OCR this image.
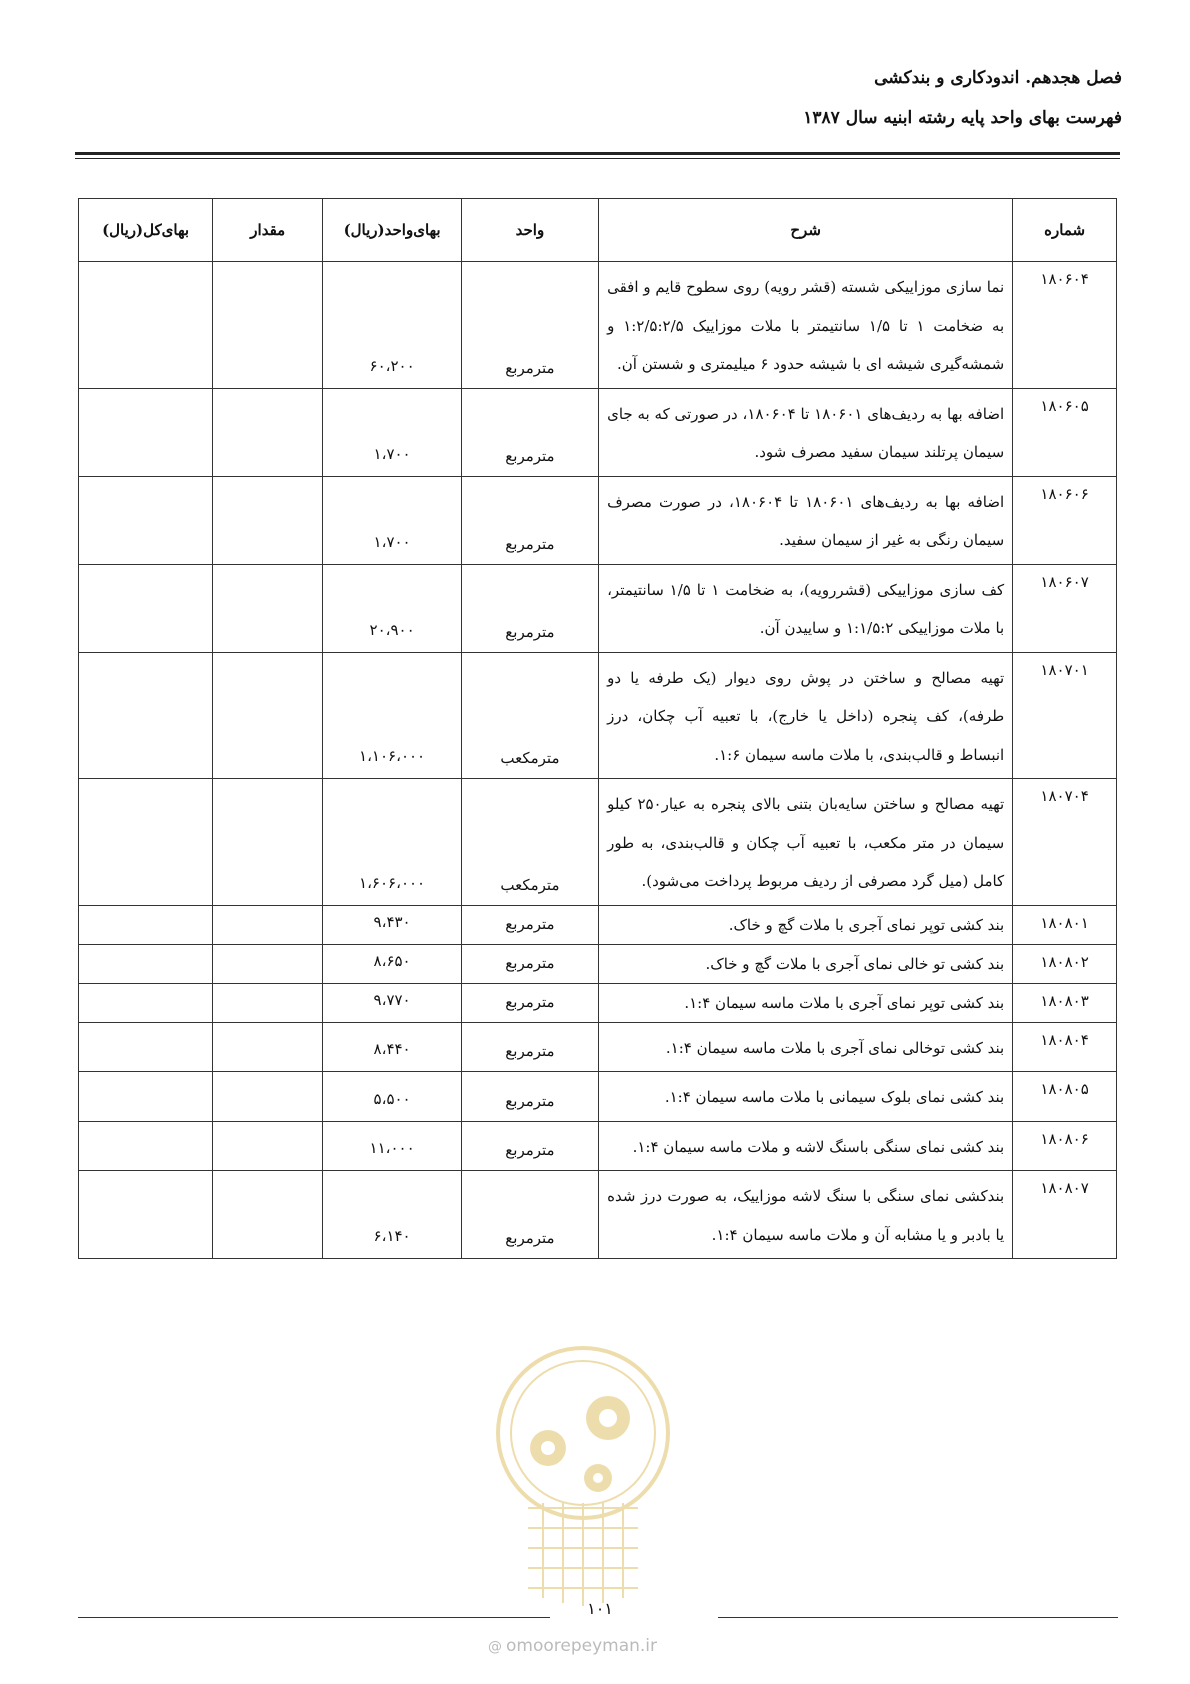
فصل هجدهم. اندودکاری و بندکشی
فهرست بهای واحد پایه رشته ابنیه سال ۱۳۸۷
شماره	شرح	واحد	بهای‌واحد(ریال)	مقدار	بهای‌کل(ریال)
۱۸۰۶۰۴	نما سازی موزاییکی شسته (قشر رویه) روی سطوح قایم و افقی به ضخامت ۱ تا ۱/۵ سانتیمتر با ملات موزاییک ۱:۲/۵:۲/۵ و شمشه‌گیری شیشه ای با شیشه حدود ۶ میلیمتری و شستن آن.	مترمربع	۶۰،۲۰۰		
۱۸۰۶۰۵	اضافه بها به ردیف‌های ۱۸۰۶۰۱ تا ۱۸۰۶۰۴، در صورتی که به جای سیمان پرتلند سیمان سفید مصرف شود.	مترمربع	۱،۷۰۰		
۱۸۰۶۰۶	اضافه بها به ردیف‌های ۱۸۰۶۰۱ تا ۱۸۰۶۰۴، در صورت مصرف سیمان رنگی به غیر از سیمان سفید.	مترمربع	۱،۷۰۰		
۱۸۰۶۰۷	کف سازی موزاییکی (قشررویه)، به ضخامت ۱ تا ۱/۵ سانتیمتر، با ملات موزاییکی ۱:۱/۵:۲ و ساییدن آن.	مترمربع	۲۰،۹۰۰		
۱۸۰۷۰۱	تهیه مصالح و ساختن در پوش روی دیوار (یک طرفه یا دو طرفه)، کف پنجره (داخل یا خارج)، با تعبیه آب چکان، درز انبساط و قالب‌بندی، با ملات ماسه سیمان ۱:۶.	مترمکعب	۱،۱۰۶،۰۰۰		
۱۸۰۷۰۴	تهیه مصالح و ساختن سایه‌بان بتنی بالای پنجره به عیار۲۵۰ کیلو سیمان در متر مکعب، با تعبیه آب چکان و قالب‌بندی، به طور کامل (میل گرد مصرفی از ردیف مربوط پرداخت می‌شود).	مترمکعب	۱،۶۰۶،۰۰۰		
۱۸۰۸۰۱	بند کشی توپر نمای آجری با ملات گچ و خاک.	مترمربع	۹،۴۳۰		
۱۸۰۸۰۲	بند کشی تو خالی نمای آجری با ملات گچ و خاک.	مترمربع	۸،۶۵۰		
۱۸۰۸۰۳	بند کشی توپر نمای آجری با ملات ماسه سیمان ۱:۴.	مترمربع	۹،۷۷۰		
۱۸۰۸۰۴	بند کشی توخالی نمای آجری با ملات ماسه سیمان ۱:۴.	مترمربع	۸،۴۴۰		
۱۸۰۸۰۵	بند کشی نمای بلوک سیمانی با ملات ماسه سیمان ۱:۴.	مترمربع	۵،۵۰۰		
۱۸۰۸۰۶	بند کشی نمای سنگی باسنگ لاشه و ملات ماسه سیمان ۱:۴.	مترمربع	۱۱،۰۰۰		
۱۸۰۸۰۷	بندکشی نمای سنگی با سنگ لاشه موزاییک، به صورت درز شده یا بادبر و یا مشابه آن و ملات ماسه سیمان ۱:۴.	مترمربع	۶،۱۴۰		
۱۰۱
@ omoorepeyman.ir
